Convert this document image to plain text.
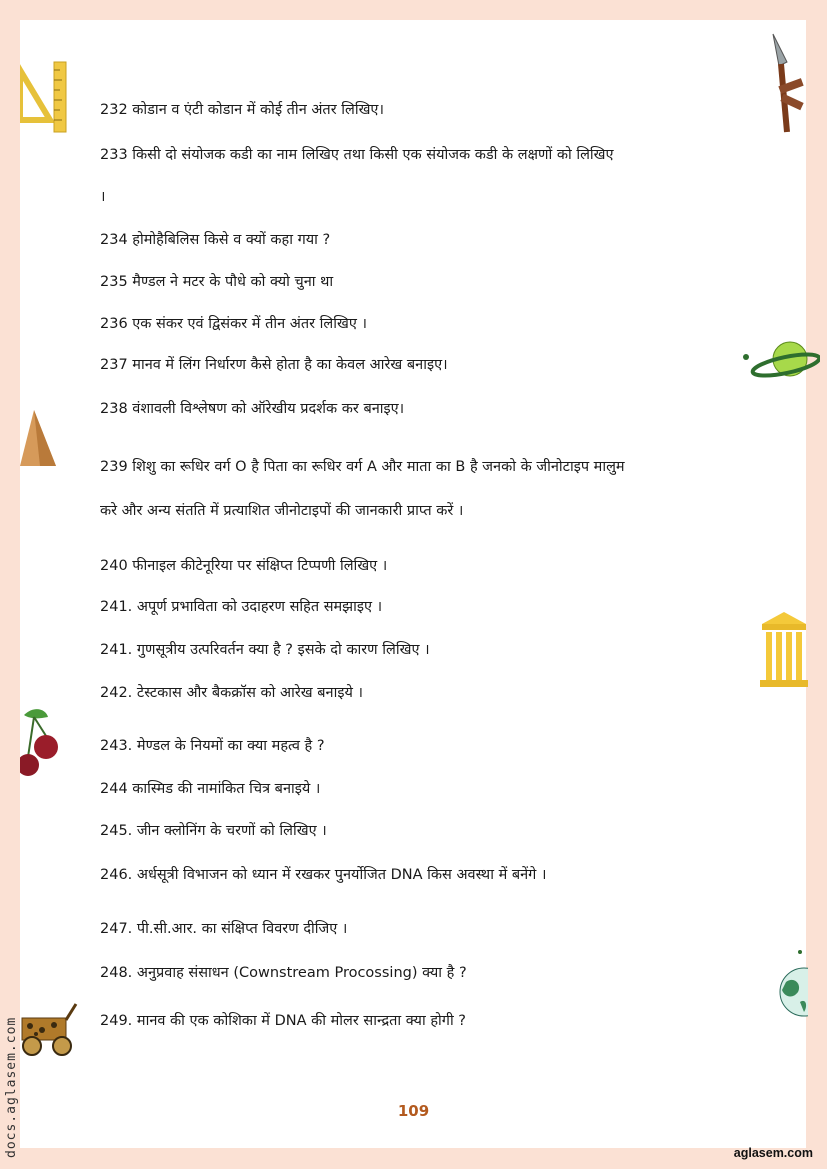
232 कोडान व एंटी कोडान में कोई तीन अंतर लिखिए।
233 किसी दो संयोजक कडी का नाम लिखिए तथा किसी एक संयोजक कडी के लक्षणों को लिखिए
।
234 होमोहैबिलिस किसे व क्यों कहा गया ?
235 मैण्डल ने मटर के पौधे को क्यो चुना था
236 एक संकर एवं द्विसंकर में तीन अंतर लिखिए ।
237 मानव में लिंग निर्धारण कैसे होता है का केवल आरेख बनाइए।
238 वंशावली विश्लेषण को ऑरेखीय प्रदर्शक कर बनाइए।
239 शिशु का रूधिर वर्ग O है पिता का रूधिर वर्ग A और माता का B है जनको के जीनोटाइप मालुम
करे और अन्य संतति में प्रत्याशित जीनोटाइपों की जानकारी प्राप्त करें ।
240 फीनाइल कीटेनूरिया पर संक्षिप्त टिप्पणी लिखिए ।
241. अपूर्ण प्रभाविता को उदाहरण सहित समझाइए ।
241. गुणसूत्रीय उत्परिवर्तन क्या है ? इसके दो कारण लिखिए ।
242. टेस्टकास और बैकक्रॉस को आरेख बनाइये ।
243. मेण्डल के नियमों का क्या महत्व है ?
244 कास्मिड की नामांकित चित्र बनाइये ।
245. जीन क्लोनिंग के चरणों को लिखिए ।
246. अर्धसूत्री विभाजन को ध्यान में रखकर पुनर्योजित DNA किस अवस्था में बनेंगे ।
247. पी.सी.आर. का संक्षिप्त विवरण दीजिए ।
248. अनुप्रवाह संसाधन (Cownstream Procossing) क्या है ?
249. मानव की एक कोशिका में DNA की मोलर सान्द्रता क्या होगी ?
109
aglasem.com
docs.aglasem.com
